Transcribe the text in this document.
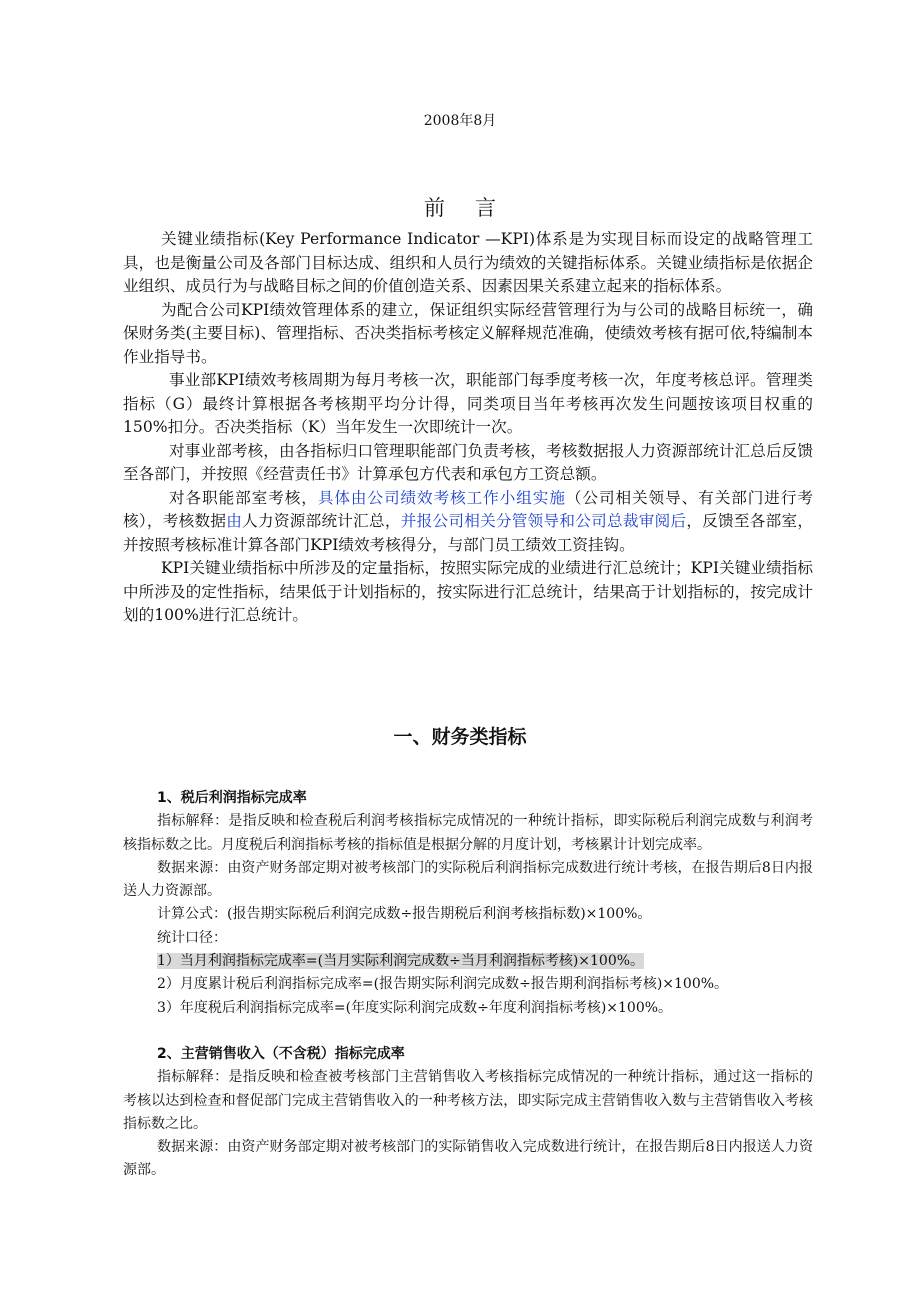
2008年8月
前言

关键业绩指标(Key Performance Indicator —KPI)体系是为实现目标而设定的战略管理工具，也是衡量公司及各部门目标达成、组织和人员行为绩效的关键指标体系。关键业绩指标是依据企业组织、成员行为与战略目标之间的价值创造关系、因素因果关系建立起来的指标体系。

为配合公司KPI绩效管理体系的建立，保证组织实际经营管理行为与公司的战略目标统一，确保财务类(主要目标)、管理指标、否决类指标考核定义解释规范准确，使绩效考核有据可依,特编制本作业指导书。

事业部KPI绩效考核周期为每月考核一次，职能部门每季度考核一次，年度考核总评。管理类指标（G）最终计算根据各考核期平均分计得，同类项目当年考核再次发生问题按该项目权重的150%扣分。否决类指标（K）当年发生一次即统计一次。

对事业部考核，由各指标归口管理职能部门负责考核，考核数据报人力资源部统计汇总后反馈至各部门，并按照《经营责任书》计算承包方代表和承包方工资总额。

对各职能部室考核，具体由公司绩效考核工作小组实施（公司相关领导、有关部门进行考核），考核数据由人力资源部统计汇总，并报公司相关分管领导和公司总裁审阅后，反馈至各部室，并按照考核标准计算各部门KPI绩效考核得分，与部门员工绩效工资挂钩。

KPI关键业绩指标中所涉及的定量指标，按照实际完成的业绩进行汇总统计；KPI关键业绩指标中所涉及的定性指标，结果低于计划指标的，按实际进行汇总统计，结果高于计划指标的，按完成计划的100%进行汇总统计。

一、财务类指标
1、税后利润指标完成率

指标解释：是指反映和检查税后利润考核指标完成情况的一种统计指标，即实际税后利润完成数与利润考核指标数之比。月度税后利润指标考核的指标值是根据分解的月度计划，考核累计计划完成率。

数据来源：由资产财务部定期对被考核部门的实际税后利润指标完成数进行统计考核，在报告期后8日内报送人力资源部。

计算公式：(报告期实际税后利润完成数÷报告期税后利润考核指标数)×100%。

统计口径：

1）当月利润指标完成率=(当月实际利润完成数÷当月利润指标考核)×100%。

2）月度累计税后利润指标完成率=(报告期实际利润完成数÷报告期利润指标考核)×100%。

3）年度税后利润指标完成率=(年度实际利润完成数÷年度利润指标考核)×100%。

2、主营销售收入（不含税）指标完成率

指标解释：是指反映和检查被考核部门主营销售收入考核指标完成情况的一种统计指标，通过这一指标的考核以达到检查和督促部门完成主营销售收入的一种考核方法，即实际完成主营销售收入数与主营销售收入考核指标数之比。

数据来源：由资产财务部定期对被考核部门的实际销售收入完成数进行统计，在报告期后8日内报送人力资源部。
